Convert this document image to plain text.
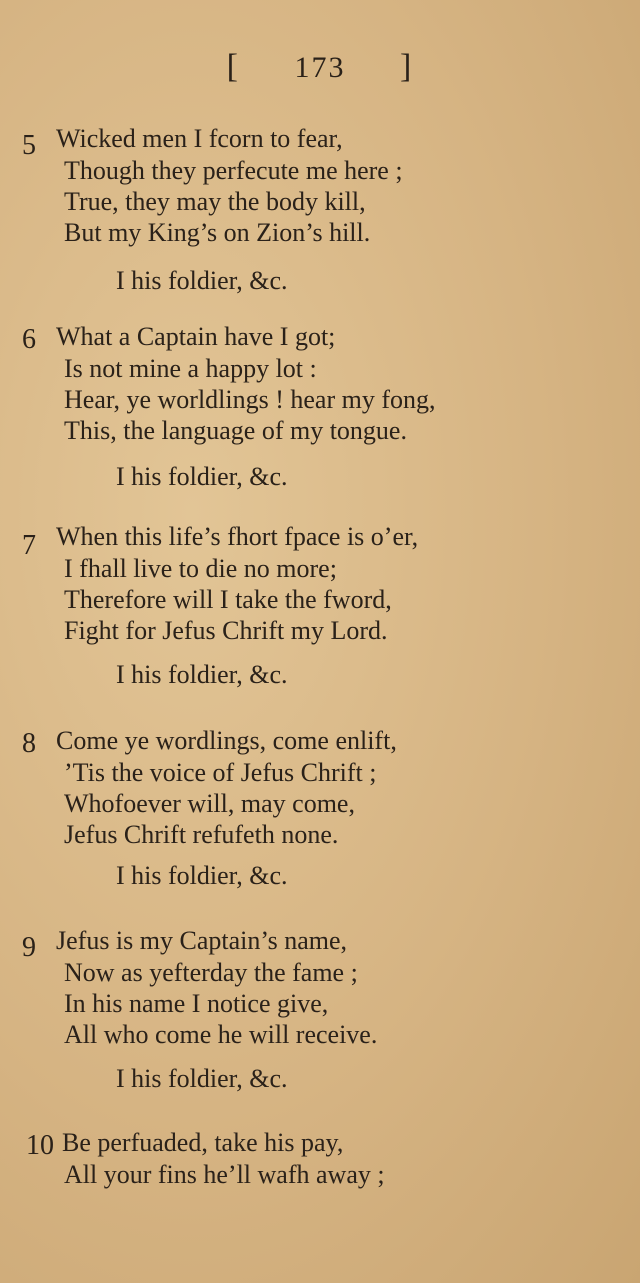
[ 173 ]
5 Wicked men I fcorn to fear,
Though they perfecute me here ;
True, they may the body kill,
But my King’s on Zion’s hill.
I his foldier, &c.
6 What a Captain have I got;
Is not mine a happy lot :
Hear, ye worldlings ! hear my fong,
This, the language of my tongue.
I his foldier, &c.
7 When this life’s fhort fpace is o’er,
I fhall live to die no more;
Therefore will I take the fword,
Fight for Jefus Chrift my Lord.
I his foldier, &c.
8 Come ye wordlings, come enlift,
’Tis the voice of Jefus Chrift ;
Whofoever will, may come,
Jefus Chrift refufeth none.
I his foldier, &c.
9 Jefus is my Captain’s name,
Now as yefterday the fame ;
In his name I notice give,
All who come he will receive.
I his foldier, &c.
10 Be perfuaded, take his pay,
All your fins he’ll wafh away ;
